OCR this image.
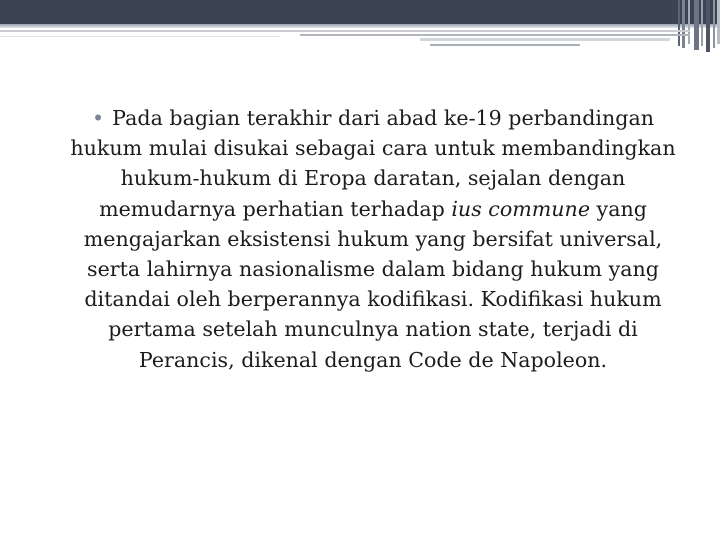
• Pada bagian terakhir dari abad ke-19 perbandingan hukum mulai disukai sebagai cara untuk membandingkan hukum-hukum di Eropa daratan, sejalan dengan memudarnya perhatian terhadap ius commune yang mengajarkan eksistensi hukum yang bersifat universal, serta lahirnya nasionalisme dalam bidang hukum yang ditandai oleh berperannya kodifikasi. Kodifikasi hukum pertama setelah munculnya nation state, terjadi di Perancis, dikenal dengan Code de Napoleon.
